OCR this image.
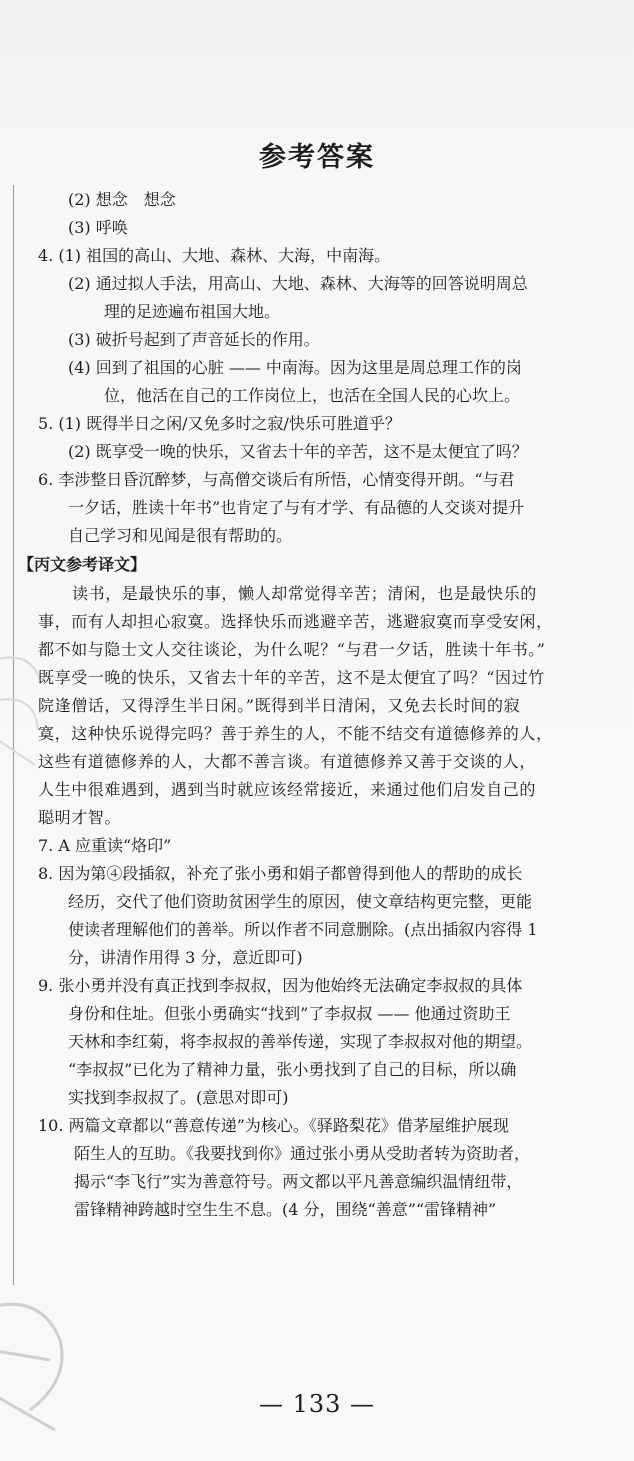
参考答案
(2) 想念　想念
(3) 呼唤
4. (1) 祖国的高山、大地、森林、大海，中南海。
(2) 通过拟人手法，用高山、大地、森林、大海等的回答说明周总
理的足迹遍布祖国大地。
(3) 破折号起到了声音延长的作用。
(4) 回到了祖国的心脏 —— 中南海。因为这里是周总理工作的岗
位，他活在自己的工作岗位上，也活在全国人民的心坎上。
5. (1) 既得半日之闲/又免多时之寂/快乐可胜道乎？
(2) 既享受一晚的快乐，又省去十年的辛苦，这不是太便宜了吗？
6. 李涉整日昏沉醉梦，与高僧交谈后有所悟，心情变得开朗。“与君
一夕话，胜读十年书”也肯定了与有才学、有品德的人交谈对提升
自己学习和见闻是很有帮助的。
【丙文参考译文】
读书，是最快乐的事，懒人却常觉得辛苦；清闲，也是最快乐的
事，而有人却担心寂寞。选择快乐而逃避辛苦，逃避寂寞而享受安闲，
都不如与隐士文人交往谈论，为什么呢？“与君一夕话，胜读十年书。”
既享受一晚的快乐，又省去十年的辛苦，这不是太便宜了吗？“因过竹
院逢僧话，又得浮生半日闲。”既得到半日清闲，又免去长时间的寂
寞，这种快乐说得完吗？善于养生的人，不能不结交有道德修养的人，
这些有道德修养的人，大都不善言谈。有道德修养又善于交谈的人，
人生中很难遇到，遇到当时就应该经常接近，来通过他们启发自己的
聪明才智。
7. A 应重读“烙印”
8. 因为第④段插叙，补充了张小勇和娟子都曾得到他人的帮助的成长
经历，交代了他们资助贫困学生的原因，使文章结构更完整，更能
使读者理解他们的善举。所以作者不同意删除。(点出插叙内容得 1
分，讲清作用得 3 分，意近即可)
9. 张小勇并没有真正找到李叔叔，因为他始终无法确定李叔叔的具体
身份和住址。但张小勇确实“找到”了李叔叔 —— 他通过资助王
天林和李红菊，将李叔叔的善举传递，实现了李叔叔对他的期望。
“李叔叔”已化为了精神力量，张小勇找到了自己的目标，所以确
实找到李叔叔了。(意思对即可)
10. 两篇文章都以“善意传递”为核心。《驿路梨花》借茅屋维护展现
陌生人的互助。《我要找到你》通过张小勇从受助者转为资助者，
揭示“李飞行”实为善意符号。两文都以平凡善意编织温情纽带，
雷锋精神跨越时空生生不息。(4 分，围绕“善意”“雷锋精神”
— 133 —
